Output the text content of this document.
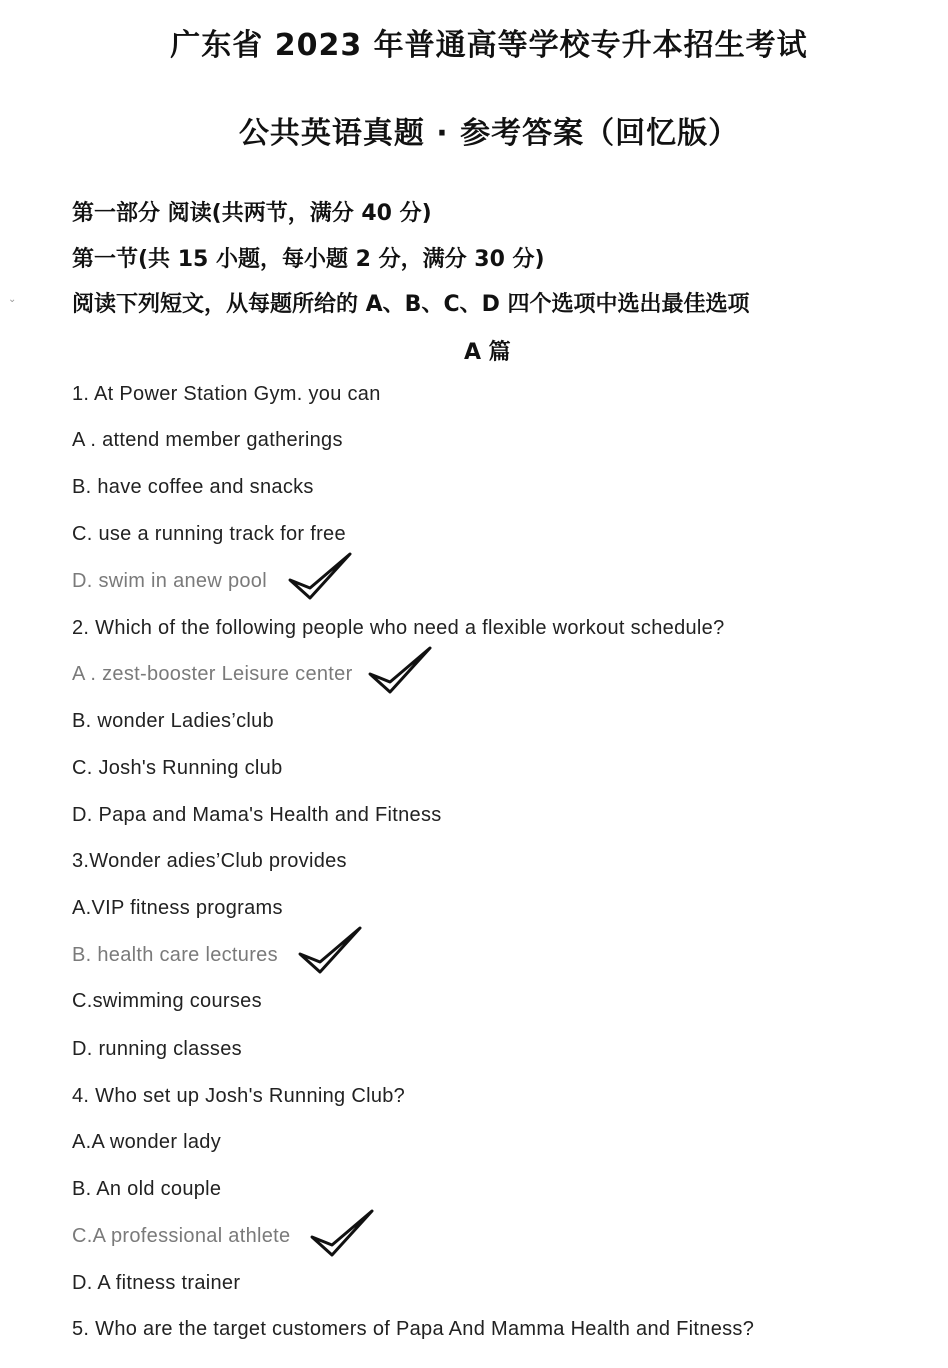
广东省 2023 年普通高等学校专升本招生考试
公共英语真题 · 参考答案（回忆版）
⌄
第一部分 阅读(共两节，满分 40 分)
第一节(共 15 小题，每小题 2 分，满分 30 分)
阅读下列短文，从每题所给的 A、B、C、D 四个选项中选出最佳选项
A 篇
1. At Power Station Gym. you can
A . attend member gatherings
B. have coffee and snacks
C. use a running track for free
D. swim in anew pool
2. Which of the following people who need a flexible workout schedule?
A . zest-booster Leisure center
B. wonder Ladies’club
C. Josh's Running club
D. Papa and Mama's Health and Fitness
3.Wonder adies’Club provides
A.VIP fitness programs
B. health care lectures
C.swimming courses
D. running classes
4. Who set up Josh's Running Club?
A.A wonder lady
B. An old couple
C.A professional athlete
D. A fitness trainer
5. Who are the target customers of Papa And Mamma Health and Fitness?
